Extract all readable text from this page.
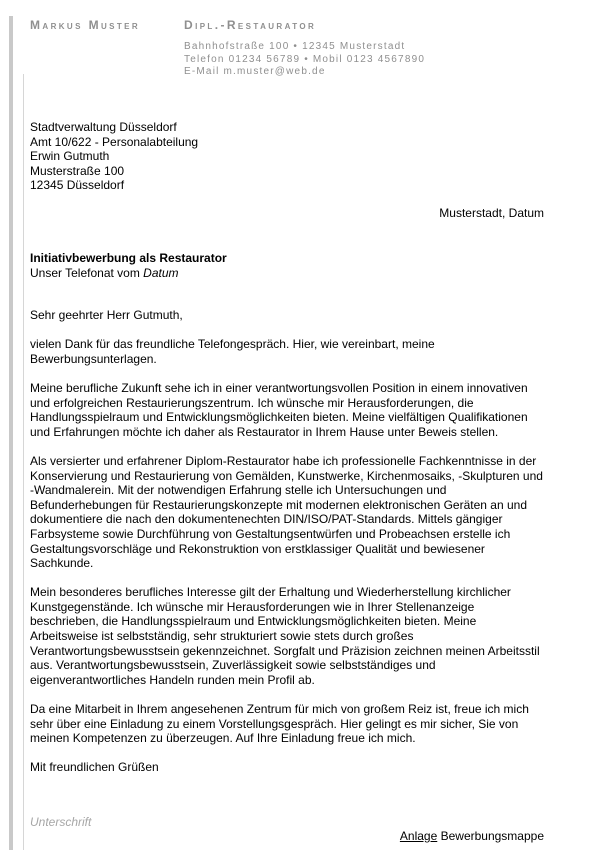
Markus Muster	Dipl.-Restaurator
Bahnhofstraße 100 • 12345 Musterstadt
Telefon 01234 56789 • Mobil 0123 4567890
E-Mail m.muster@web.de
Stadtverwaltung Düsseldorf
Amt 10/622 - Personalabteilung
Erwin Gutmuth
Musterstraße 100
12345 Düsseldorf
Musterstadt, Datum
Initiativbewerbung als Restaurator
Unser Telefonat vom Datum

Sehr geehrter Herr Gutmuth,

vielen Dank für das freundliche Telefongespräch. Hier, wie vereinbart, meine Bewerbungsunterlagen.

Meine berufliche Zukunft sehe ich in einer verantwortungsvollen Position in einem innovativen und erfolgreichen Restaurierungszentrum. Ich wünsche mir Herausforderungen, die Handlungsspielraum und Entwicklungsmöglichkeiten bieten. Meine vielfältigen Qualifikationen und Erfahrungen möchte ich daher als Restaurator in Ihrem Hause unter Beweis stellen.

Als versierter und erfahrener Diplom-Restaurator habe ich professionelle Fachkenntnisse in der Konservierung und Restaurierung von Gemälden, Kunstwerke, Kirchenmosaiks, -Skulpturen und -Wandmalerein. Mit der notwendigen Erfahrung stelle ich Untersuchungen und Befunderhebungen für Restaurierungskonzepte mit modernen elektronischen Geräten an und dokumentiere die nach den dokumentenechten DIN/ISO/PAT-Standards. Mittels gängiger Farbsysteme sowie Durchführung von Gestaltungsentwürfen und Probeachsen erstelle ich Gestaltungsvorschläge und Rekonstruktion von erstklassiger Qualität und bewiesener Sachkunde.

Mein besonderes berufliches Interesse gilt der Erhaltung und Wiederherstellung kirchlicher Kunstgegenstände. Ich wünsche mir Herausforderungen wie in Ihrer Stellenanzeige beschrieben, die Handlungsspielraum und Entwicklungsmöglichkeiten bieten. Meine Arbeitsweise ist selbstständig, sehr strukturiert sowie stets durch großes Verantwortungsbewusstsein gekennzeichnet. Sorgfalt und Präzision zeichnen meinen Arbeitsstil aus. Verantwortungsbewusstsein, Zuverlässigkeit sowie selbstständiges und eigenverantwortliches Handeln runden mein Profil ab.

Da eine Mitarbeit in Ihrem angesehenen Zentrum für mich von großem Reiz ist, freue ich mich sehr über eine Einladung zu einem Vorstellungsgespräch. Hier gelingt es mir sicher, Sie von meinen Kompetenzen zu überzeugen. Auf Ihre Einladung freue ich mich.

Mit freundlichen Grüßen

Unterschrift
Anlage Bewerbungsmappe
